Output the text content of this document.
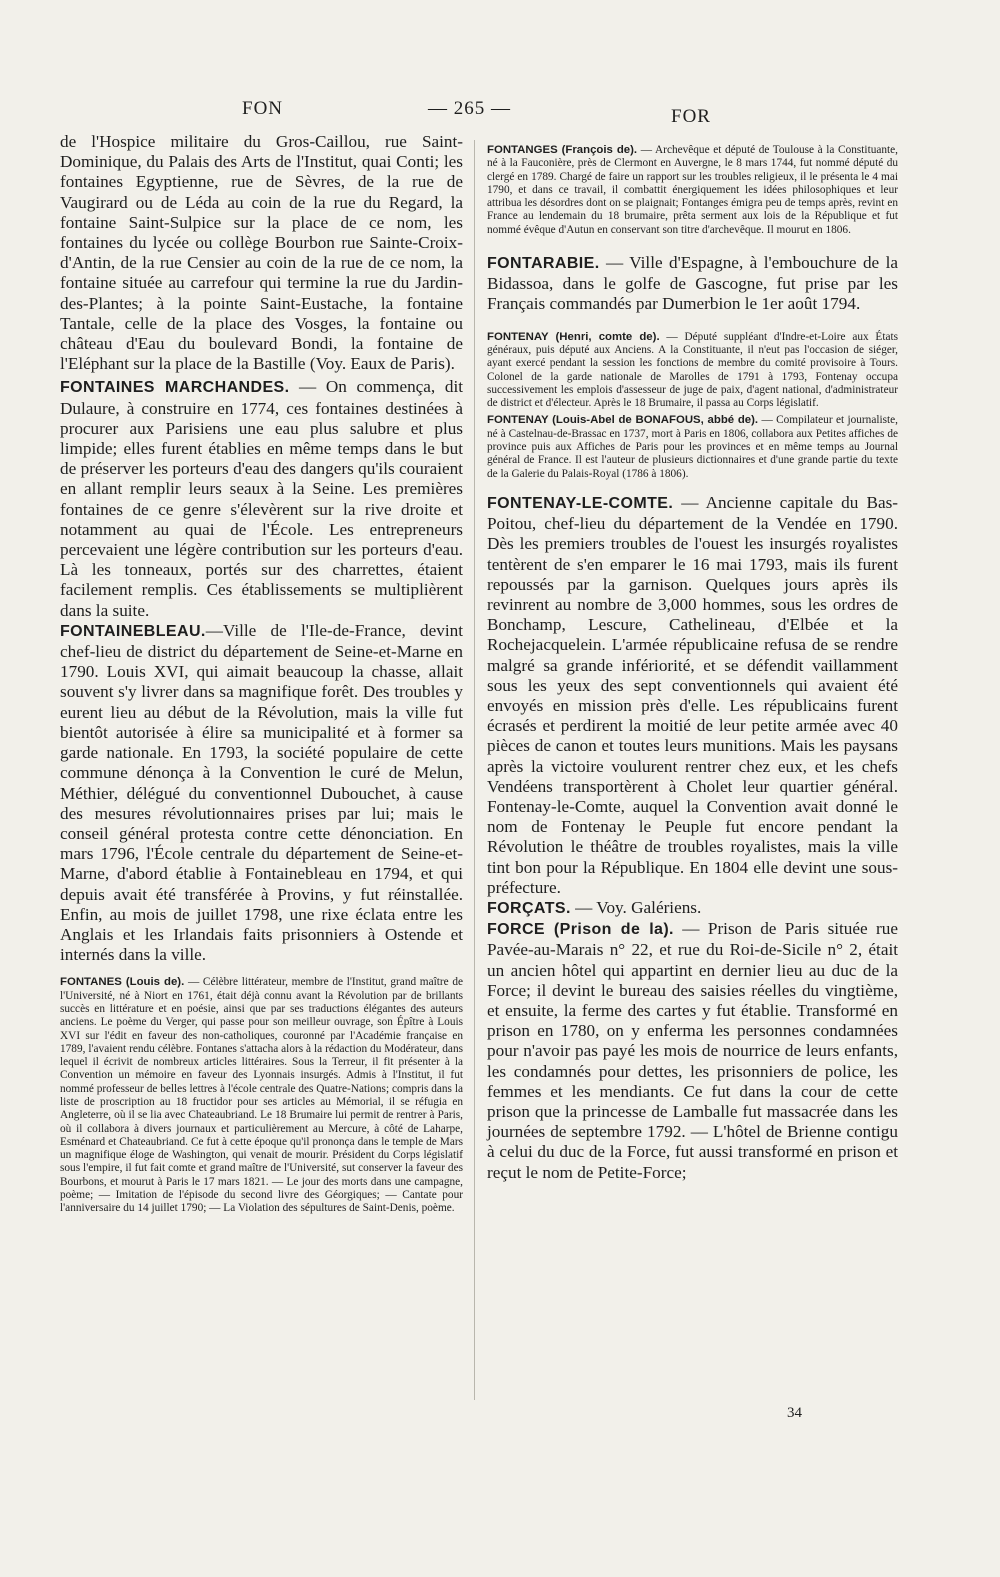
FON	— 265 —	FOR

de l'Hospice militaire du Gros-Caillou, rue Saint-Dominique, du Palais des Arts de l'Institut, quai Conti; les fontaines Egyptienne, rue de Sèvres, de la rue de Vaugirard ou de Léda au coin de la rue du Regard, la fontaine Saint-Sulpice sur la place de ce nom, les fontaines du lycée ou collège Bourbon rue Sainte-Croix-d'Antin, de la rue Censier au coin de la rue de ce nom, la fontaine située au carrefour qui termine la rue du Jardin-des-Plantes; à la pointe Saint-Eustache, la fontaine Tantale, celle de la place des Vosges, la fontaine ou château d'Eau du boulevard Bondi, la fontaine de l'Eléphant sur la place de la Bastille (Voy. Eaux de Paris).

FONTAINES MARCHANDES. — On commença, dit Dulaure, à construire en 1774, ces fontaines destinées à procurer aux Parisiens une eau plus salubre et plus limpide; elles furent établies en même temps dans le but de préserver les porteurs d'eau des dangers qu'ils couraient en allant remplir leurs seaux à la Seine. Les premières fontaines de ce genre s'élevèrent sur la rive droite et notamment au quai de l'École. Les entrepreneurs percevaient une légère contribution sur les porteurs d'eau. Là les tonneaux, portés sur des charrettes, étaient facilement remplis. Ces établissements se multiplièrent dans la suite.

FONTAINEBLEAU.—Ville de l'Ile-de-France, devint chef-lieu de district du département de Seine-et-Marne en 1790. Louis XVI, qui aimait beaucoup la chasse, allait souvent s'y livrer dans sa magnifique forêt. Des troubles y eurent lieu au début de la Révolution, mais la ville fut bientôt autorisée à élire sa municipalité et à former sa garde nationale. En 1793, la société populaire de cette commune dénonça à la Convention le curé de Melun, Méthier, délégué du conventionnel Dubouchet, à cause des mesures révolutionnaires prises par lui; mais le conseil général protesta contre cette dénonciation. En mars 1796, l'École centrale du département de Seine-et-Marne, d'abord établie à Fontainebleau en 1794, et qui depuis avait été transférée à Provins, y fut réinstallée. Enfin, au mois de juillet 1798, une rixe éclata entre les Anglais et les Irlandais faits prisonniers à Ostende et internés dans la ville.

FONTANES (Louis de). — Célèbre littérateur, membre de l'Institut, grand maître de l'Université, né à Niort en 1761, était déjà connu avant la Révolution par de brillants succès en littérature et en poésie, ainsi que par ses traductions élégantes des auteurs anciens. Le poème du Verger, qui passe pour son meilleur ouvrage, son Épître à Louis XVI sur l'édit en faveur des non-catholiques, couronné par l'Académie française en 1789, l'avaient rendu célèbre. Fontanes s'attacha alors à la rédaction du Modérateur, dans lequel il écrivit de nombreux articles littéraires. Sous la Terreur, il fit présenter à la Convention un mémoire en faveur des Lyonnais insurgés. Admis à l'Institut, il fut nommé professeur de belles lettres à l'école centrale des Quatre-Nations; compris dans la liste de proscription au 18 fructidor pour ses articles au Mémorial, il se réfugia en Angleterre, où il se lia avec Chateaubriand. Le 18 Brumaire lui permit de rentrer à Paris, où il collabora à divers journaux et particulièrement au Mercure, à côté de Laharpe, Esménard et Chateaubriand. Ce fut à cette époque qu'il prononça dans le temple de Mars un magnifique éloge de Washington, qui venait de mourir. Président du Corps législatif sous l'empire, il fut fait comte et grand maître de l'Université, sut conserver la faveur des Bourbons, et mourut à Paris le 17 mars 1821. — Le jour des morts dans une campagne, poème; — Imitation de l'épisode du second livre des Géorgiques; — Cantate pour l'anniversaire du 14 juillet 1790; — La Violation des sépultures de Saint-Denis, poème.

FONTANGES (François de). — Archevêque et député de Toulouse à la Constituante, né à la Fauconière, près de Clermont en Auvergne, le 8 mars 1744, fut nommé député du clergé en 1789. Chargé de faire un rapport sur les troubles religieux, il le présenta le 4 mai 1790, et dans ce travail, il combattit énergiquement les idées philosophiques et leur attribua les désordres dont on se plaignait; Fontanges émigra peu de temps après, revint en France au lendemain du 18 brumaire, prêta serment aux lois de la République et fut nommé évêque d'Autun en conservant son titre d'archevêque. Il mourut en 1806.

FONTARABIE. — Ville d'Espagne, à l'embouchure de la Bidassoa, dans le golfe de Gascogne, fut prise par les Français commandés par Dumerbion le 1er août 1794.

FONTENAY (Henri, comte de). — Député suppléant d'Indre-et-Loire aux États généraux, puis député aux Anciens. A la Constituante, il n'eut pas l'occasion de siéger, ayant exercé pendant la session les fonctions de membre du comité provisoire à Tours. Colonel de la garde nationale de Marolles de 1791 à 1793, Fontenay occupa successivement les emplois d'assesseur de juge de paix, d'agent national, d'administrateur de district et d'électeur. Après le 18 Brumaire, il passa au Corps législatif.

FONTENAY (Louis-Abel de BONAFOUS, abbé de). — Compilateur et journaliste, né à Castelnau-de-Brassac en 1737, mort à Paris en 1806, collabora aux Petites affiches de province puis aux Affiches de Paris pour les provinces et en même temps au Journal général de France. Il est l'auteur de plusieurs dictionnaires et d'une grande partie du texte de la Galerie du Palais-Royal (1786 à 1806).

FONTENAY-LE-COMTE. — Ancienne capitale du Bas-Poitou, chef-lieu du département de la Vendée en 1790. Dès les premiers troubles de l'ouest les insurgés royalistes tentèrent de s'en emparer le 16 mai 1793, mais ils furent repoussés par la garnison. Quelques jours après ils revinrent au nombre de 3,000 hommes, sous les ordres de Bonchamp, Lescure, Cathelineau, d'Elbée et la Rochejacquelein. L'armée républicaine refusa de se rendre malgré sa grande infériorité, et se défendit vaillamment sous les yeux des sept conventionnels qui avaient été envoyés en mission près d'elle. Les républicains furent écrasés et perdirent la moitié de leur petite armée avec 40 pièces de canon et toutes leurs munitions. Mais les paysans après la victoire voulurent rentrer chez eux, et les chefs Vendéens transportèrent à Cholet leur quartier général. Fontenay-le-Comte, auquel la Convention avait donné le nom de Fontenay le Peuple fut encore pendant la Révolution le théâtre de troubles royalistes, mais la ville tint bon pour la République. En 1804 elle devint une sous-préfecture.

FORÇATS. — Voy. Galériens.

FORCE (Prison de la). — Prison de Paris située rue Pavée-au-Marais n° 22, et rue du Roi-de-Sicile n° 2, était un ancien hôtel qui appartint en dernier lieu au duc de la Force; il devint le bureau des saisies réelles du vingtième, et ensuite, la ferme des cartes y fut établie. Transformé en prison en 1780, on y enferma les personnes condamnées pour n'avoir pas payé les mois de nourrice de leurs enfants, les condamnés pour dettes, les prisonniers de police, les femmes et les mendiants. Ce fut dans la cour de cette prison que la princesse de Lamballe fut massacrée dans les journées de septembre 1792. — L'hôtel de Brienne contigu à celui du duc de la Force, fut aussi transformé en prison et reçut le nom de Petite-Force;

34
